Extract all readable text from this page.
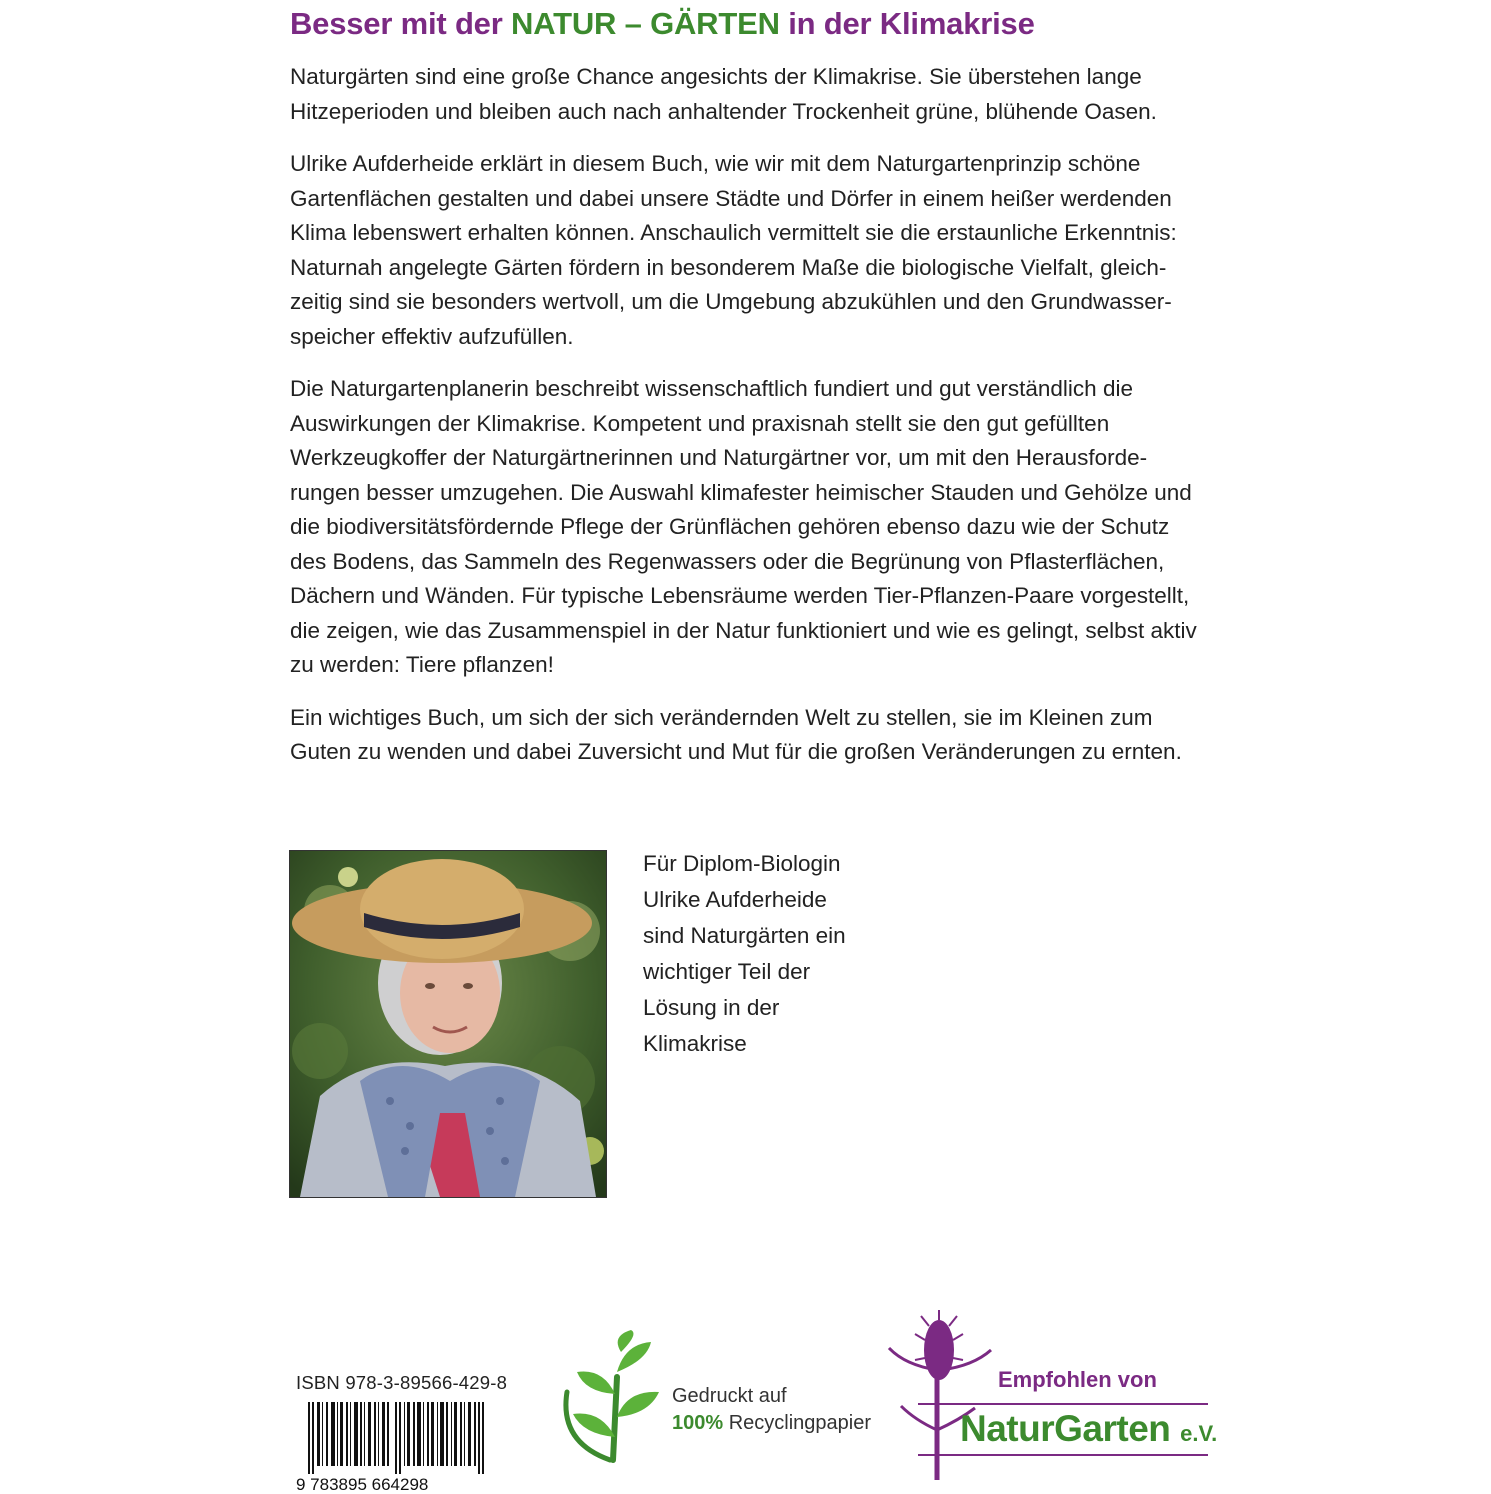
Besser mit der NATUR – GÄRTEN in der Klimakrise

Naturgärten sind eine große Chance angesichts der Klimakrise. Sie überstehen lange Hitzeperioden und bleiben auch nach anhaltender Trockenheit grüne, blühende Oasen.

Ulrike Aufderheide erklärt in diesem Buch, wie wir mit dem Naturgartenprinzip schöne Gartenflächen gestalten und dabei unsere Städte und Dörfer in einem heißer werdenden Klima lebenswert erhalten können. Anschaulich vermittelt sie die erstaunliche Erkenntnis: Naturnah angelegte Gärten fördern in besonderem Maße die biologische Vielfalt, gleich-zeitig sind sie besonders wertvoll, um die Umgebung abzukühlen und den Grundwasser-speicher effektiv aufzufüllen.

Die Naturgartenplanerin beschreibt wissenschaftlich fundiert und gut verständlich die Auswirkungen der Klimakrise. Kompetent und praxisnah stellt sie den gut gefüllten Werkzeugkoffer der Naturgärtnerinnen und Naturgärtner vor, um mit den Herausforde-rungen besser umzugehen. Die Auswahl klimafester heimischer Stauden und Gehölze und die biodiversitätsfördernde Pflege der Grünflächen gehören ebenso dazu wie der Schutz des Bodens, das Sammeln des Regenwassers oder die Begrünung von Pflasterflächen, Dächern und Wänden. Für typische Lebensräume werden Tier-Pflanzen-Paare vorgestellt, die zeigen, wie das Zusammenspiel in der Natur funktioniert und wie es gelingt, selbst aktiv zu werden: Tiere pflanzen!

Ein wichtiges Buch, um sich der sich verändernden Welt zu stellen, sie im Kleinen zum Guten zu wenden und dabei Zuversicht und Mut für die großen Veränderungen zu ernten.

Für Diplom-Biologin Ulrike Aufderheide sind Naturgärten ein wichtiger Teil der Lösung in der Klimakrise

ISBN 978-3-89566-429-8
9 783895 664298
Gedruckt auf
100% Recyclingpapier
Empfohlen von
NaturGarten e.V.
